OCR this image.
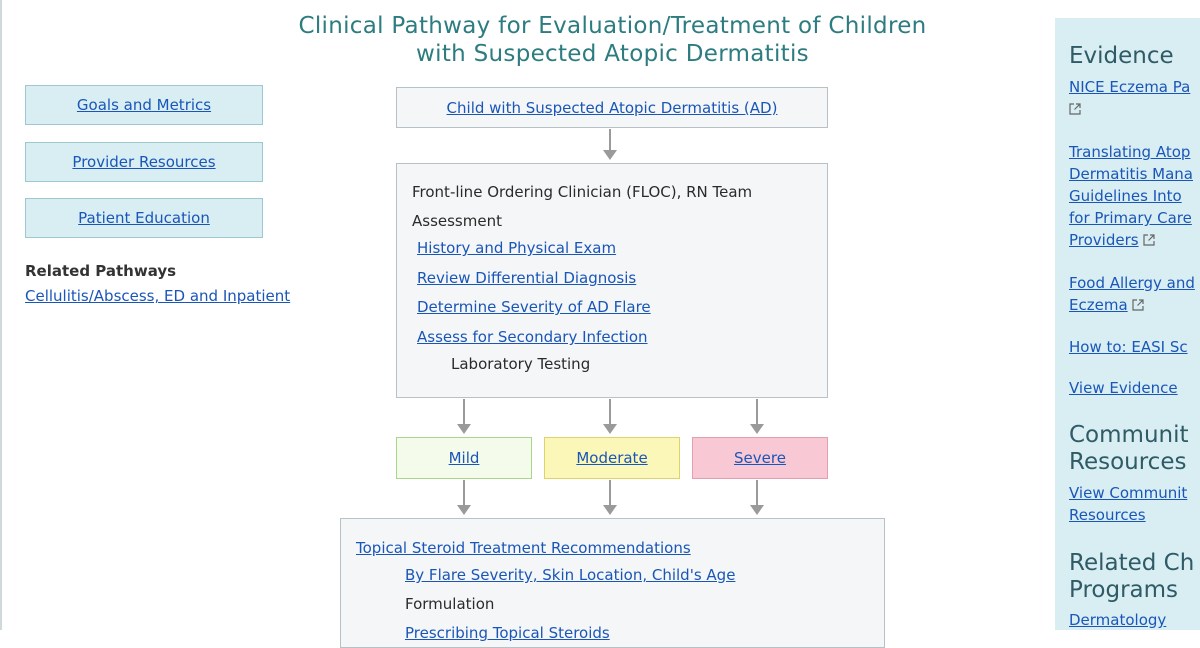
Clinical Pathway for Evaluation/Treatment of Children
with Suspected Atopic Dermatitis
Goals and Metrics
Provider Resources
Patient Education
Related Pathways
Cellulitis/Abscess, ED and Inpatient
Child with Suspected Atopic Dermatitis (AD)
Front-line Ordering Clinician (FLOC), RN Team
Assessment
History and Physical Exam
Review Differential Diagnosis
Determine Severity of AD Flare
Assess for Secondary Infection
Laboratory Testing
Mild	Moderate	Severe
Topical Steroid Treatment Recommendations
By Flare Severity, Skin Location, Child's Age
Formulation
Prescribing Topical Steroids
Evidence
NICE Eczema Pa

Translating Atop
Dermatitis Mana
Guidelines Into
for Primary Care
Providers
Food Allergy and
Eczema
How to: EASI Sc
View Evidence
Communit
Resources
View Communit
Resources
Related Ch
Programs
Dermatology
